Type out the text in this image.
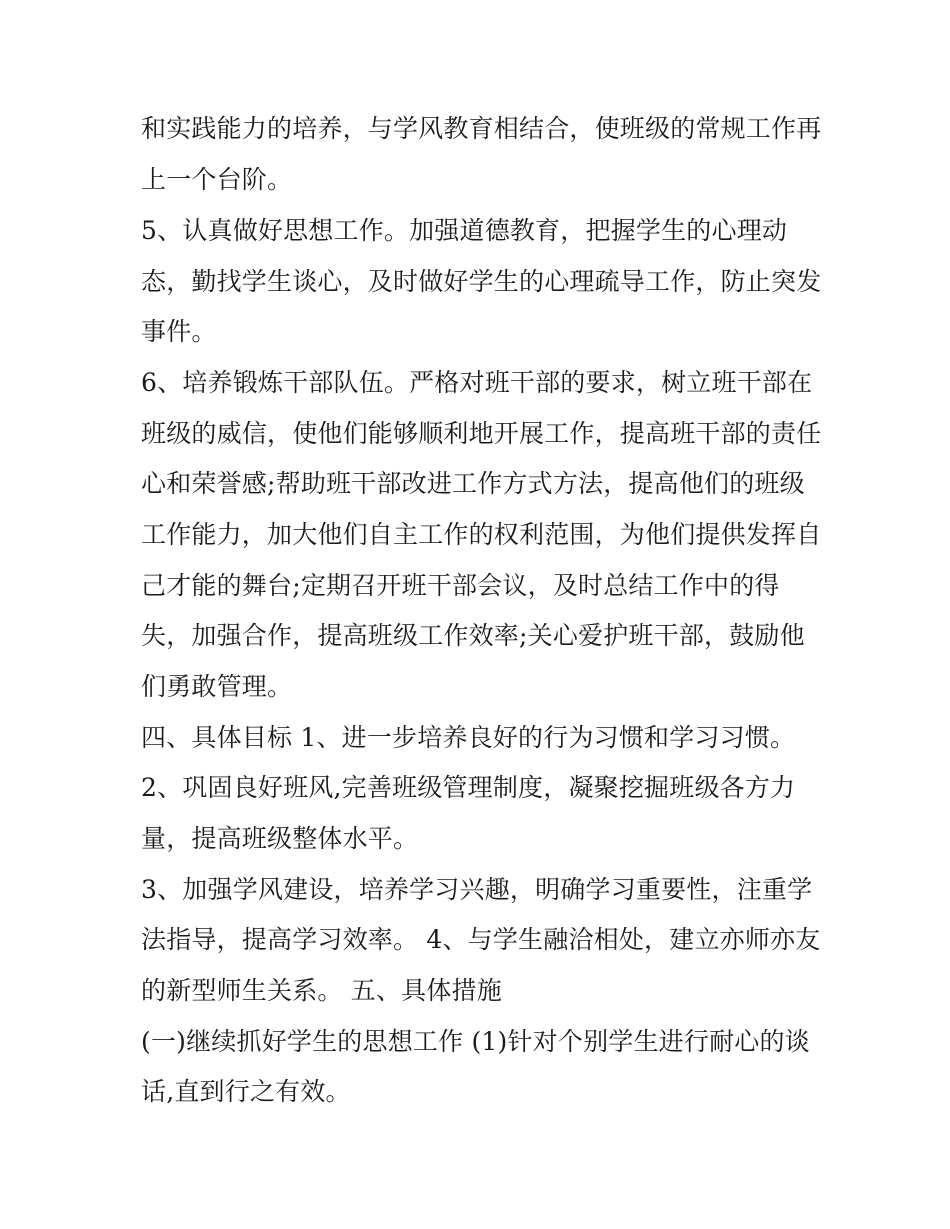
和实践能力的培养，与学风教育相结合，使班级的常规工作再
上一个台阶。
5、认真做好思想工作。加强道德教育，把握学生的心理动
态，勤找学生谈心，及时做好学生的心理疏导工作，防止突发
事件。
6、培养锻炼干部队伍。严格对班干部的要求，树立班干部在
班级的威信，使他们能够顺利地开展工作，提高班干部的责任
心和荣誉感;帮助班干部改进工作方式方法，提高他们的班级
工作能力，加大他们自主工作的权利范围，为他们提供发挥自
己才能的舞台;定期召开班干部会议，及时总结工作中的得
失，加强合作，提高班级工作效率;关心爱护班干部，鼓励他
们勇敢管理。
四、具体目标 1、进一步培养良好的行为习惯和学习习惯。
2、巩固良好班风,完善班级管理制度，凝聚挖掘班级各方力
量，提高班级整体水平。
3、加强学风建设，培养学习兴趣，明确学习重要性，注重学
法指导，提高学习效率。 4、与学生融洽相处，建立亦师亦友
的新型师生关系。 五、具体措施
(一)继续抓好学生的思想工作 (1)针对个别学生进行耐心的谈
话,直到行之有效。
